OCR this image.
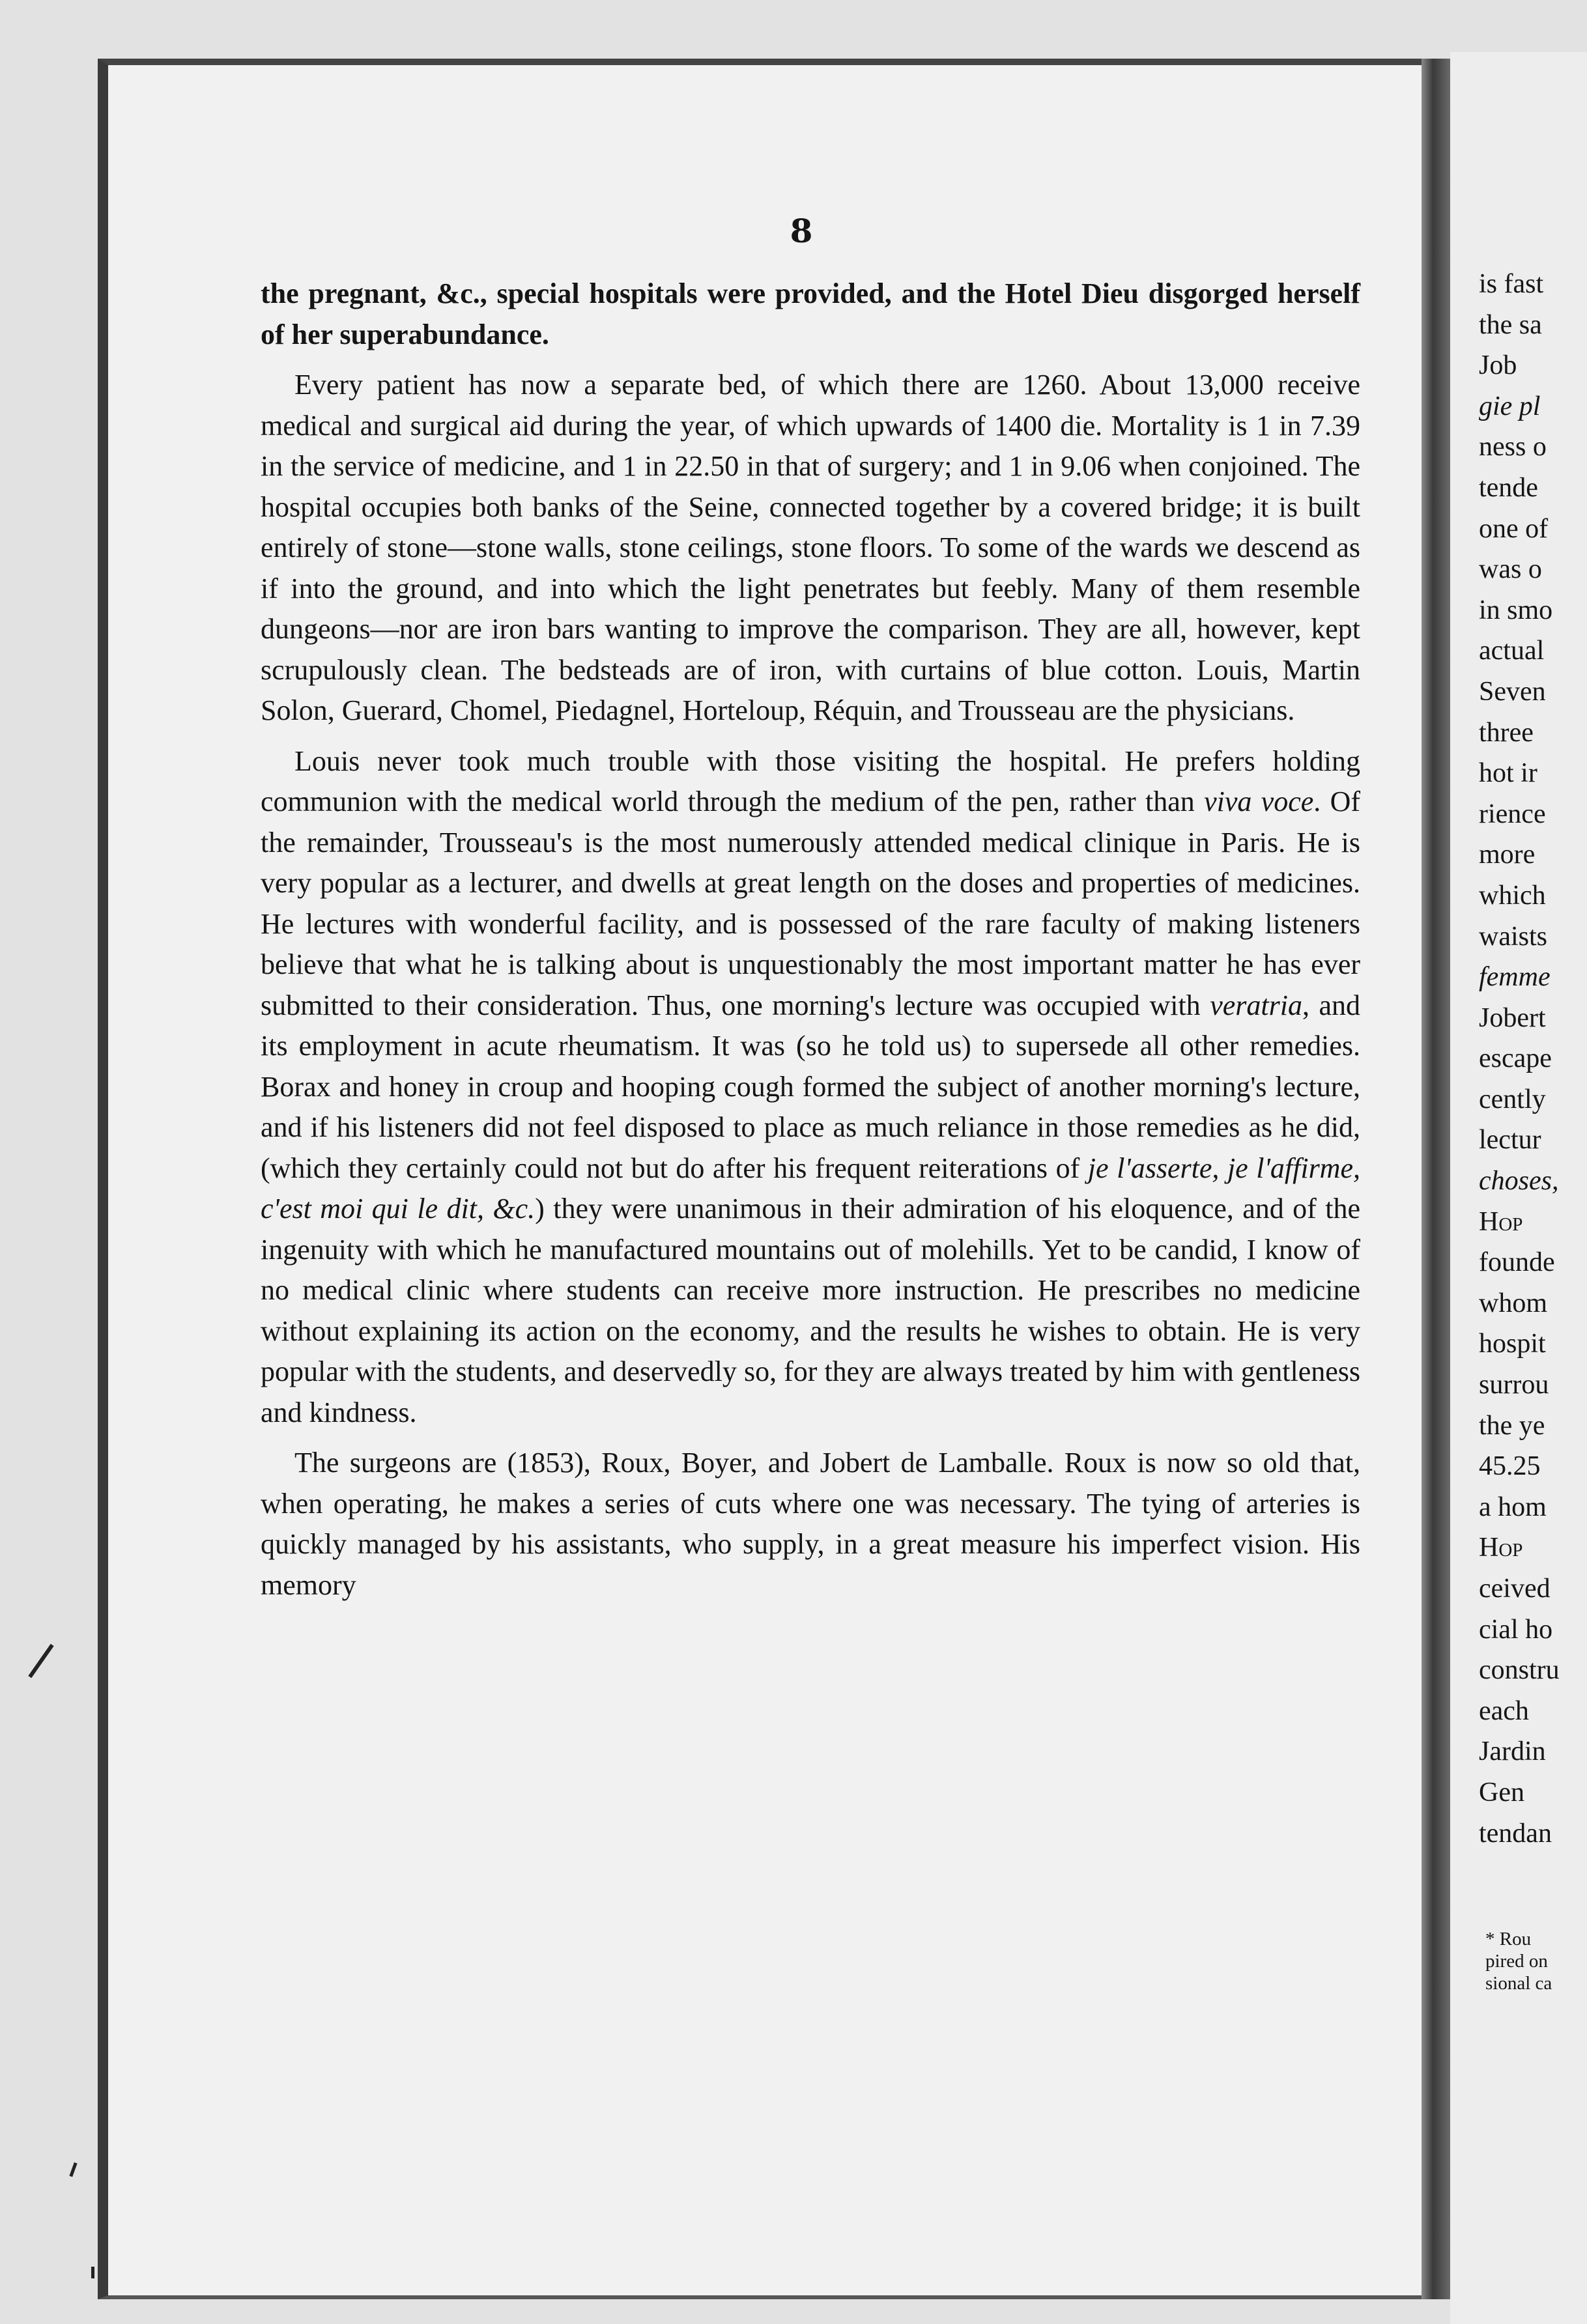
8

the pregnant, &c., special hospitals were provided, and the Hotel Dieu disgorged herself of her superabundance.

Every patient has now a separate bed, of which there are 1260. About 13,000 receive medical and surgical aid during the year, of which upwards of 1400 die. Mortality is 1 in 7.39 in the service of medicine, and 1 in 22.50 in that of surgery; and 1 in 9.06 when conjoined. The hospital occupies both banks of the Seine, connected together by a covered bridge; it is built entirely of stone—stone walls, stone ceilings, stone floors. To some of the wards we descend as if into the ground, and into which the light penetrates but feebly. Many of them resemble dungeons—nor are iron bars wanting to improve the comparison. They are all, however, kept scrupulously clean. The bedsteads are of iron, with curtains of blue cotton. Louis, Martin Solon, Guerard, Chomel, Piedagnel, Horteloup, Réquin, and Trousseau are the physicians.

Louis never took much trouble with those visiting the hospital. He prefers holding communion with the medical world through the medium of the pen, rather than viva voce. Of the remainder, Trousseau's is the most numerously attended medical clinique in Paris. He is very popular as a lecturer, and dwells at great length on the doses and properties of medicines. He lectures with wonderful facility, and is possessed of the rare faculty of making listeners believe that what he is talking about is unquestionably the most important matter he has ever submitted to their consideration. Thus, one morning's lecture was occupied with veratria, and its employment in acute rheumatism. It was (so he told us) to supersede all other remedies. Borax and honey in croup and hooping cough formed the subject of another morning's lecture, and if his listeners did not feel disposed to place as much reliance in those remedies as he did, (which they certainly could not but do after his frequent reiterations of je l'asserte, je l'affirme, c'est moi qui le dit, &c.) they were unanimous in their admiration of his eloquence, and of the ingenuity with which he manufactured mountains out of molehills. Yet to be candid, I know of no medical clinic where students can receive more instruction. He prescribes no medicine without explaining its action on the economy, and the results he wishes to obtain. He is very popular with the students, and deservedly so, for they are always treated by him with gentleness and kindness.

The surgeons are (1853), Roux, Boyer, and Jobert de Lamballe. Roux is now so old that, when operating, he makes a series of cuts where one was necessary. The tying of arteries is quickly managed by his assistants, who supply, in a great measure his imperfect vision. His memory

is fast
the sa
Job
gie pl
ness o
tende
one of
was o
in smo
actual
Seven
three
hot ir
rience
more
which
waists
femme
Jobert
escape
cently
lectur
choses,
Hop
founde
whom
hospit
surrou
the ye
45.25
a hom
Hop
ceived
cial ho
constru
each
Jardin
Gen
tendan
* Rou
pired on
sional ca
